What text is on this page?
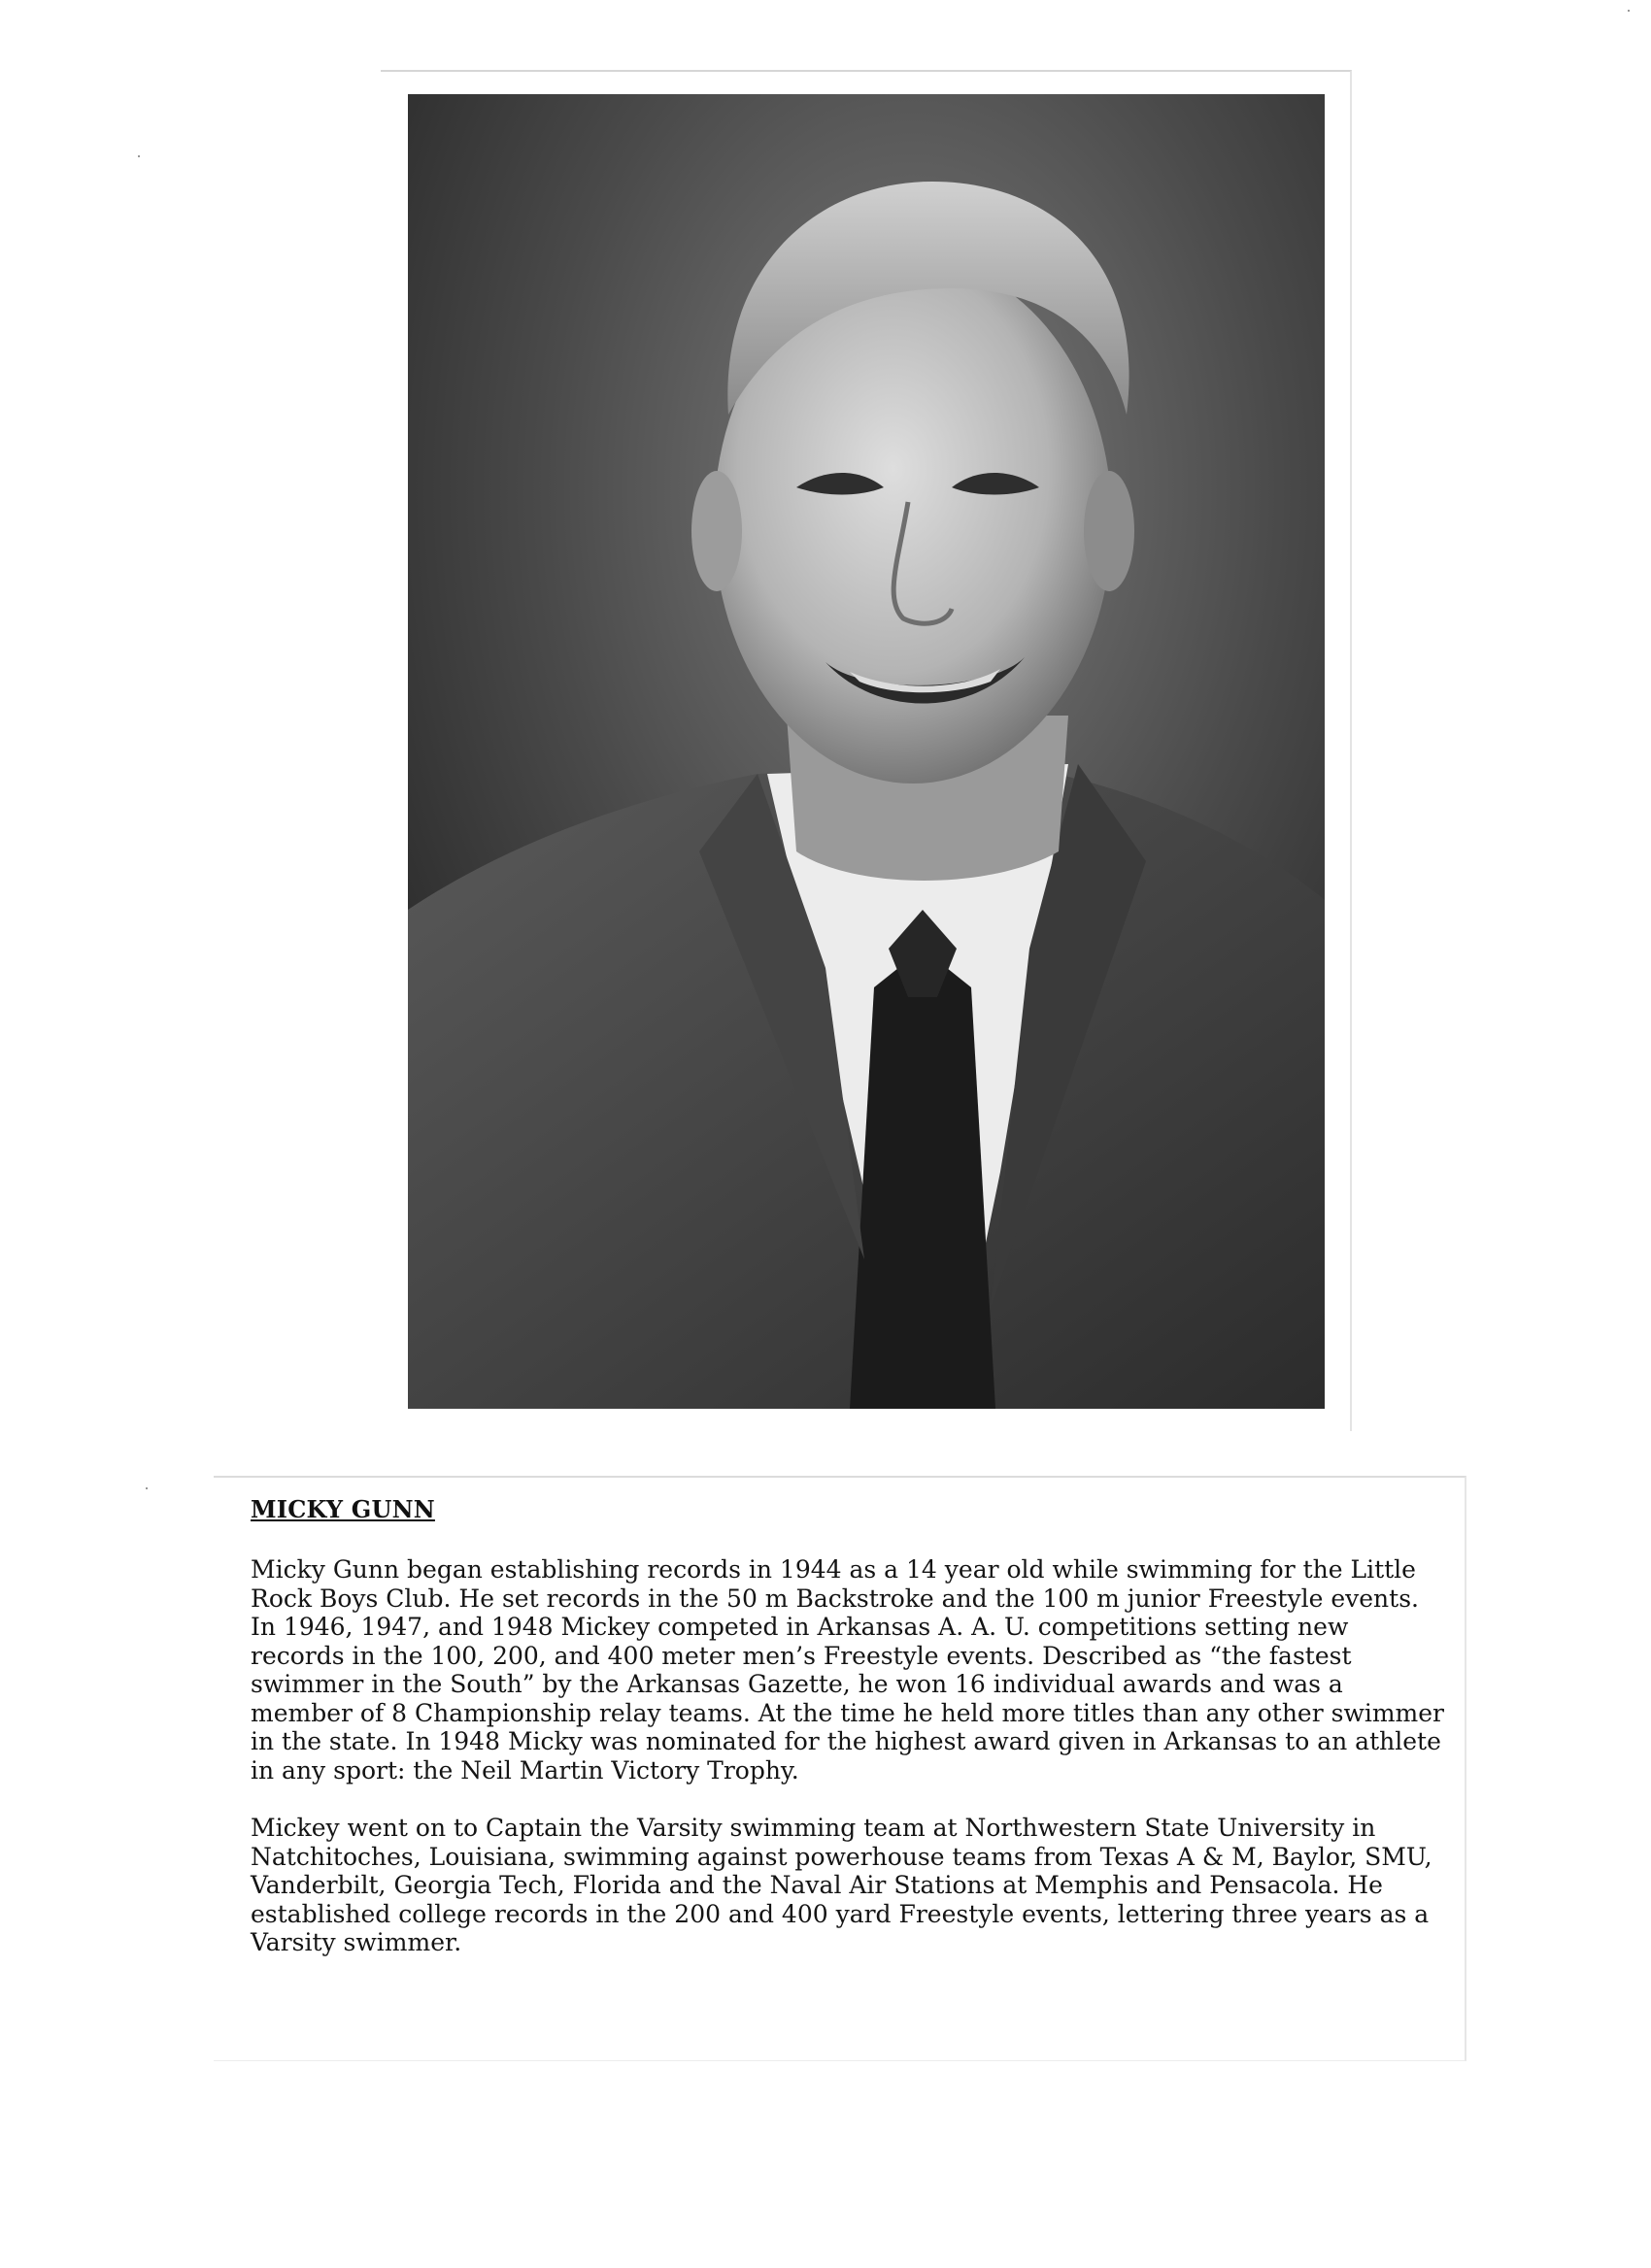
MICKY GUNN

Micky Gunn began establishing records in 1944 as a 14 year old while swimming for the Little Rock Boys Club. He set records in the 50 m Backstroke and the 100 m junior Freestyle events. In 1946, 1947, and 1948 Mickey competed in Arkansas A. A. U. competitions setting new records in the 100, 200, and 400 meter men’s Freestyle events. Described as “the fastest swimmer in the South” by the Arkansas Gazette, he won 16 individual awards and was a member of 8 Championship relay teams. At the time he held more titles than any other swimmer in the state. In 1948 Micky was nominated for the highest award given in Arkansas to an athlete in any sport: the Neil Martin Victory Trophy.

Mickey went on to Captain the Varsity swimming team at Northwestern State University in Natchitoches, Louisiana, swimming against powerhouse teams from Texas A & M, Baylor, SMU, Vanderbilt, Georgia Tech, Florida and the Naval Air Stations at Memphis and Pensacola. He established college records in the 200 and 400 yard Freestyle events, lettering three years as a Varsity swimmer.
